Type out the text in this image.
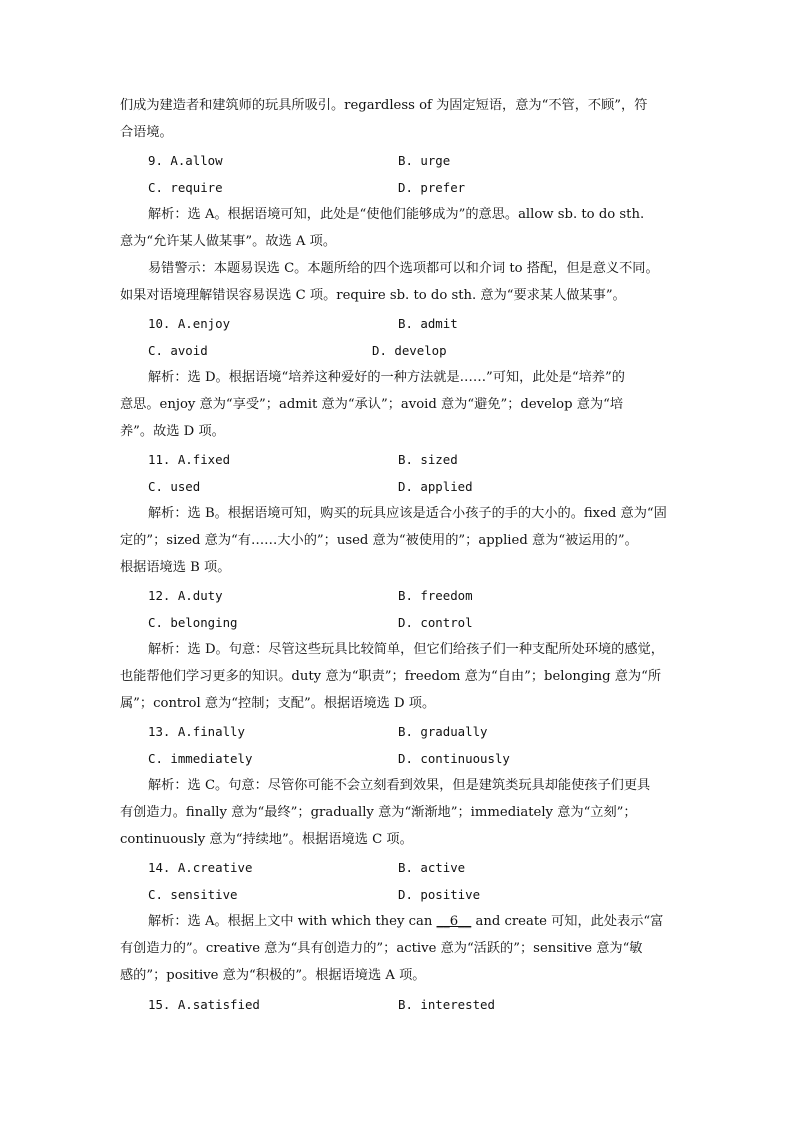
们成为建造者和建筑师的玩具所吸引。regardless of 为固定短语，意为“不管，不顾”，符
合语境。
9. A.allow	B. urge
C. require	D. prefer
解析：选 A。根据语境可知，此处是“使他们能够成为”的意思。allow sb. to do sth.
意为“允许某人做某事”。故选 A 项。
易错警示：本题易误选 C。本题所给的四个选项都可以和介词 to 搭配，但是意义不同。
如果对语境理解错误容易误选 C 项。require sb. to do sth. 意为“要求某人做某事”。
10. A.enjoy	B. admit
C. avoid	D. develop
解析：选 D。根据语境“培养这种爱好的一种方法就是……”可知，此处是“培养”的
意思。enjoy 意为“享受”；admit 意为“承认”；avoid 意为“避免”；develop 意为“培
养”。故选 D 项。
11. A.fixed	B. sized
C. used	D. applied
解析：选 B。根据语境可知，购买的玩具应该是适合小孩子的手的大小的。fixed 意为“固
定的”；sized 意为“有……大小的”；used 意为“被使用的”；applied 意为“被运用的”。
根据语境选 B 项。
12. A.duty	B. freedom
C. belonging	D. control
解析：选 D。句意：尽管这些玩具比较简单，但它们给孩子们一种支配所处环境的感觉，
也能帮他们学习更多的知识。duty 意为“职责”；freedom 意为“自由”；belonging 意为“所
属”；control 意为“控制；支配”。根据语境选 D 项。
13. A.finally	B. gradually
C. immediately	D. continuously
解析：选 C。句意：尽管你可能不会立刻看到效果，但是建筑类玩具却能使孩子们更具
有创造力。finally 意为“最终”；gradually 意为“渐渐地”；immediately 意为“立刻”；
continuously 意为“持续地”。根据语境选 C 项。
14. A.creative	B. active
C. sensitive	D. positive
解析：选 A。根据上文中 with which they can __6__ and create 可知，此处表示“富
有创造力的”。creative 意为“具有创造力的”；active 意为“活跃的”；sensitive 意为“敏
感的”；positive 意为“积极的”。根据语境选 A 项。
15. A.satisfied	B. interested
